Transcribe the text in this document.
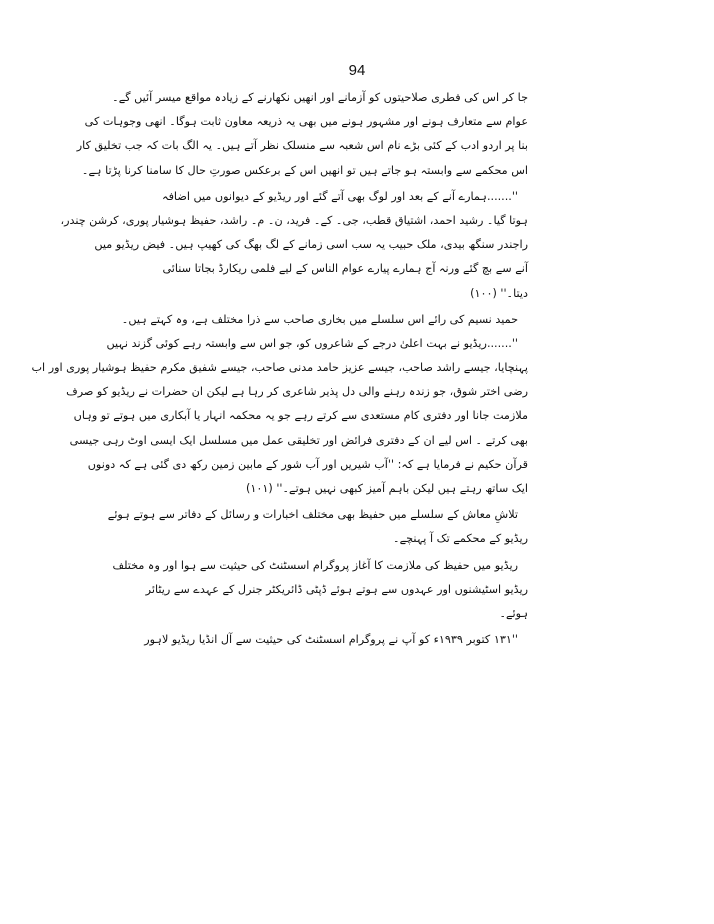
94
جا کر اس کی فطری صلاحیتوں کو آزمانے اور انھیں نکھارنے کے زیادہ مواقع میسر آئیں گے۔
عوام سے متعارف ہونے اور مشہور ہونے میں بھی یہ ذریعہ معاون ثابت ہوگا۔ انھی وجوہات کی
بنا پر اردو ادب کے کئی بڑے نام اس شعبہ سے منسلک نظر آتے ہیں۔ یہ الگ بات کہ جب تخلیق کار
اس محکمے سے وابستہ ہو جاتے ہیں تو انھیں اس کے برعکس صورتِ حال کا سامنا کرنا پڑتا ہے۔
''.......ہمارے آنے کے بعد اور لوگ بھی آتے گئے اور ریڈیو کے دیوانوں میں اضافہ
ہوتا گیا۔ رشید احمد، اشتیاق قطب، جی۔ کے۔ فرید، ن۔ م۔ راشد، حفیظ ہوشیار پوری، کرشن چندر،
راجندر سنگھ بیدی، ملک حبیب یہ سب اسی زمانے کے لگ بھگ کی کھیپ ہیں۔ فیض ریڈیو میں
آنے سے بچ گئے ورنہ آج ہمارے پیارے عوام الناس کے لیے فلمی ریکارڈ بجاتا سنائی
دیتا۔'' (۱۰۰)
حمید نسیم کی رائے اس سلسلے میں بخاری صاحب سے ذرا مختلف ہے، وہ کہتے ہیں۔
''.......ریڈیو نے بہت اعلیٰ درجے کے شاعروں کو، جو اس سے وابستہ رہے کوئی گزند نہیں
پہنچایا، جیسے راشد صاحب، جیسے عزیز حامد مدنی صاحب، جیسے شفیق مکرم حفیظ ہوشیار پوری اور اب
رضی اختر شوق، جو زندہ رہنے والی دل پذیر شاعری کر رہا ہے لیکن ان حضرات نے ریڈیو کو صرف
ملازمت جانا اور دفتری کام مستعدی سے کرتے رہے جو یہ محکمہ انہار یا آبکاری میں ہوتے تو وہاں
بھی کرتے ۔ اس لیے ان کے دفتری فرائض اور تخلیقی عمل میں مسلسل ایک ایسی اوٹ رہی جیسی
قرآن حکیم نے فرمایا ہے کہ: ''آب شیریں اور آب شور کے مابین زمین رکھ دی گئی ہے کہ دونوں
ایک ساتھ رہتے ہیں لیکن باہم آمیز کبھی نہیں ہوتے۔'' (۱۰۱)
تلاشِ معاش کے سلسلے میں حفیظ بھی مختلف اخبارات و رسائل کے دفاتر سے ہوتے ہوئے
ریڈیو کے محکمے تک آ پہنچے۔
ریڈیو میں حفیظ کی ملازمت کا آغاز پروگرام اسسٹنٹ کی حیثیت سے ہوا اور وہ مختلف
ریڈیو اسٹیشنوں اور عہدوں سے ہوتے ہوئے ڈپٹی ڈائریکٹر جنرل کے عہدے سے ریٹائر
ہوئے۔
''۱۳۱ کتوبر ۱۹۳۹ء کو آپ نے پروگرام اسسٹنٹ کی حیثیت سے آل انڈیا ریڈیو لاہور
